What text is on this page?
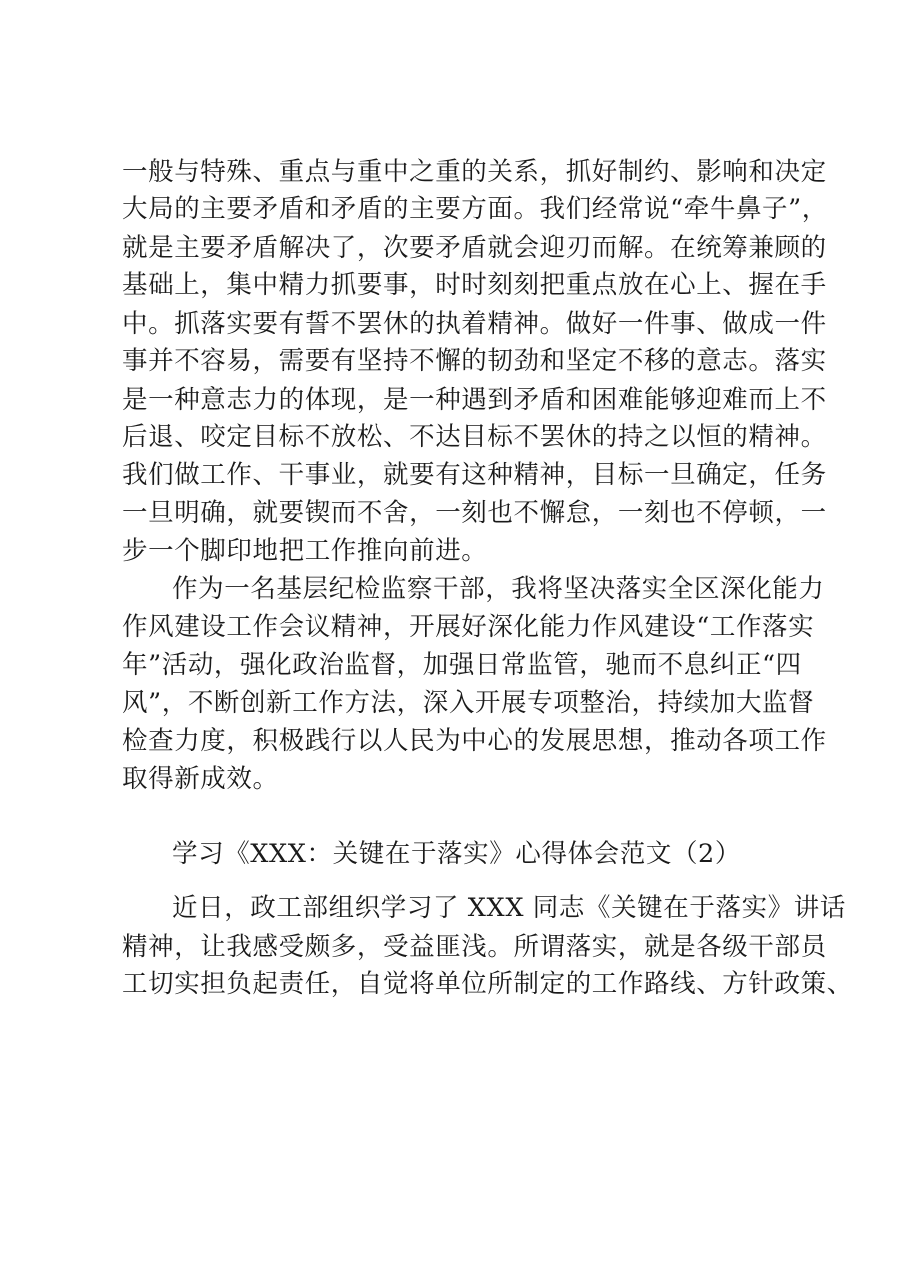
一般与特殊、重点与重中之重的关系，抓好制约、影响和决定
大局的主要矛盾和矛盾的主要方面。我们经常说“牵牛鼻子”，
就是主要矛盾解决了，次要矛盾就会迎刃而解。在统筹兼顾的
基础上，集中精力抓要事，时时刻刻把重点放在心上、握在手
中。抓落实要有誓不罢休的执着精神。做好一件事、做成一件
事并不容易，需要有坚持不懈的韧劲和坚定不移的意志。落实
是一种意志力的体现，是一种遇到矛盾和困难能够迎难而上不
后退、咬定目标不放松、不达目标不罢休的持之以恒的精神。
我们做工作、干事业，就要有这种精神，目标一旦确定，任务
一旦明确，就要锲而不舍，一刻也不懈怠，一刻也不停顿，一
步一个脚印地把工作推向前进。
作为一名基层纪检监察干部，我将坚决落实全区深化能力
作风建设工作会议精神，开展好深化能力作风建设“工作落实
年”活动，强化政治监督，加强日常监管，驰而不息纠正“四
风”，不断创新工作方法，深入开展专项整治，持续加大监督
检查力度，积极践行以人民为中心的发展思想，推动各项工作
取得新成效。
学习《XXX：关键在于落实》心得体会范文（2）
近日，政工部组织学习了 XXX 同志《关键在于落实》讲话
精神，让我感受颇多，受益匪浅。所谓落实，就是各级干部员
工切实担负起责任，自觉将单位所制定的工作路线、方针政策、
